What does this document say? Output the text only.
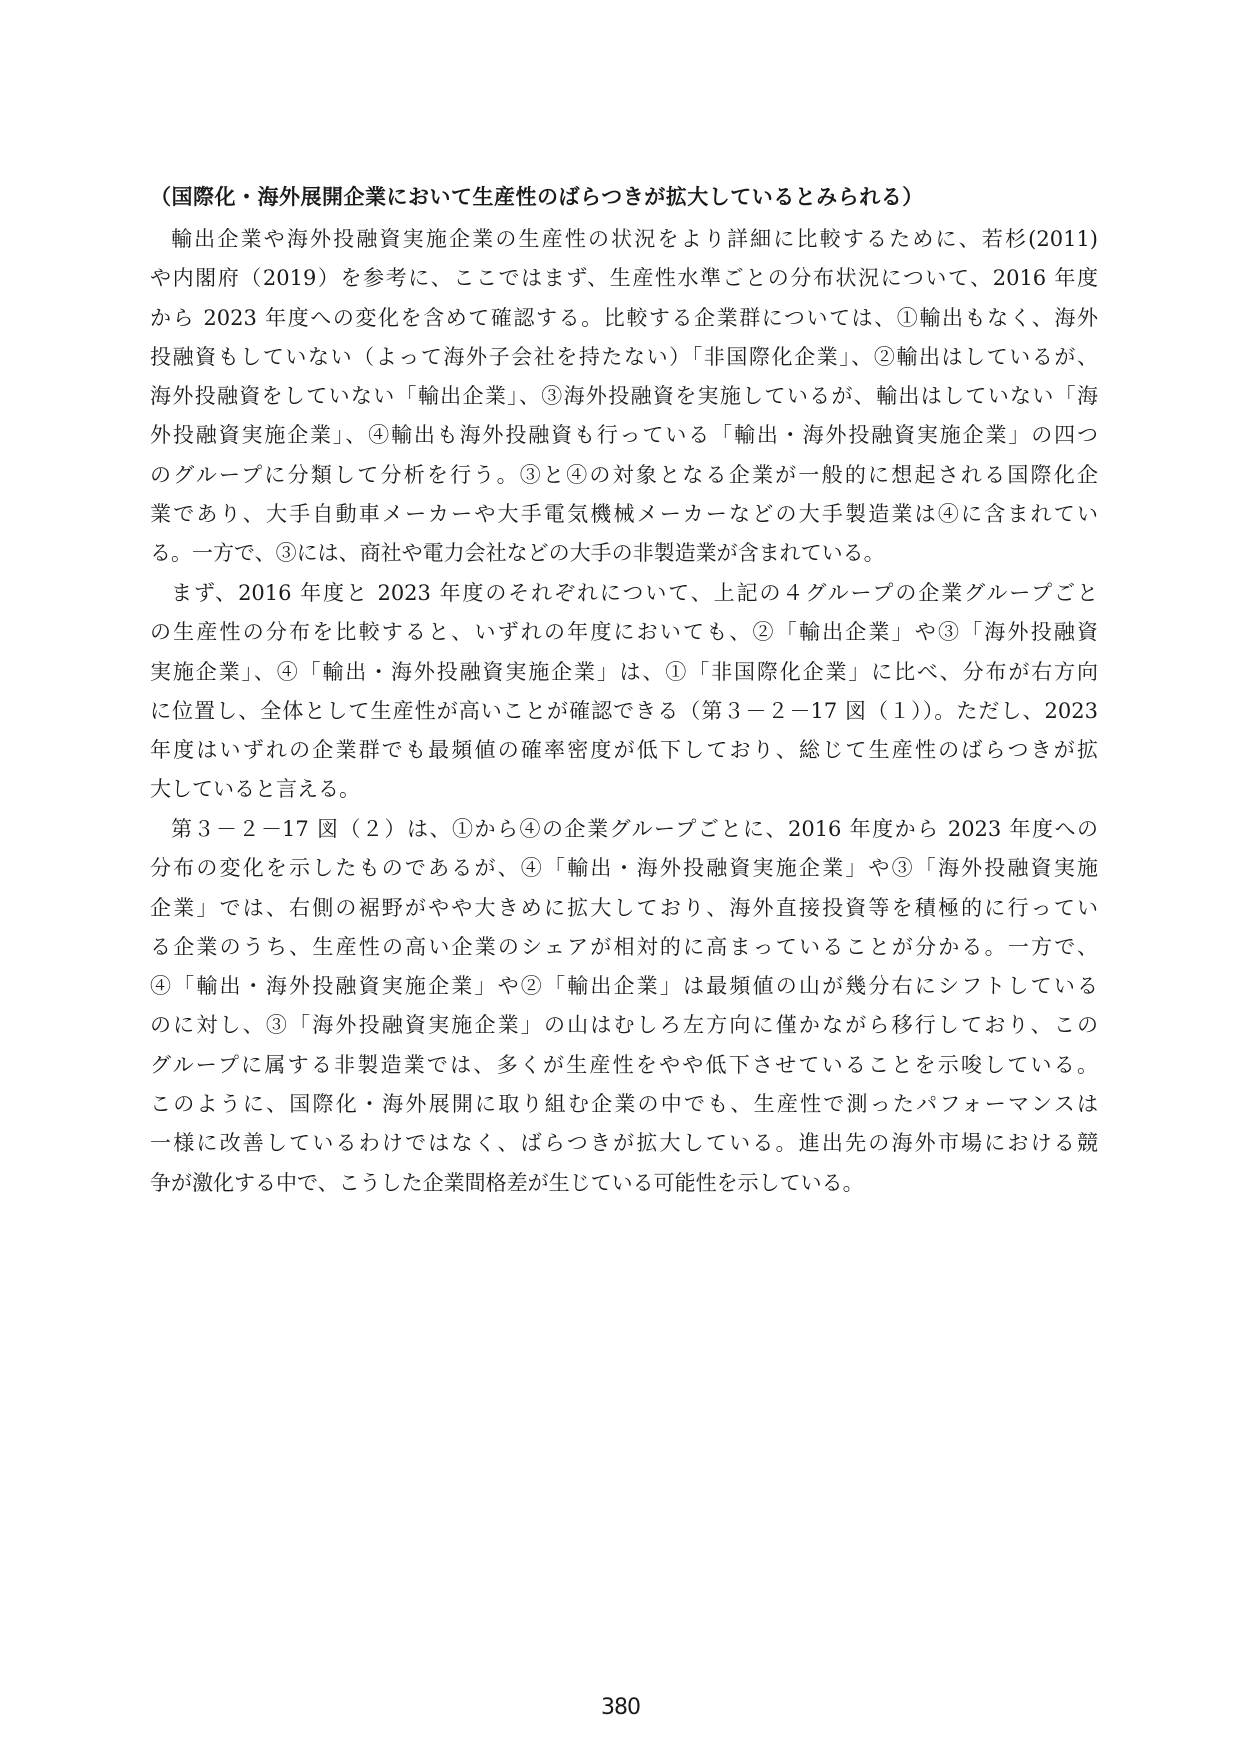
（国際化・海外展開企業において生産性のばらつきが拡大しているとみられる）
輸出企業や海外投融資実施企業の生産性の状況をより詳細に比較するために、若杉(2011)
や内閣府（2019）を参考に、ここではまず、生産性水準ごとの分布状況について、2016 年度
から 2023 年度への変化を含めて確認する。比較する企業群については、①輸出もなく、海外
投融資もしていない（よって海外子会社を持たない）「非国際化企業」、②輸出はしているが、
海外投融資をしていない「輸出企業」、③海外投融資を実施しているが、輸出はしていない「海
外投融資実施企業」、④輸出も海外投融資も行っている「輸出・海外投融資実施企業」の四つ
のグループに分類して分析を行う。③と④の対象となる企業が一般的に想起される国際化企
業であり、大手自動車メーカーや大手電気機械メーカーなどの大手製造業は④に含まれてい
る。一方で、③には、商社や電力会社などの大手の非製造業が含まれている。
まず、2016 年度と 2023 年度のそれぞれについて、上記の４グループの企業グループごと
の生産性の分布を比較すると、いずれの年度においても、②「輸出企業」や③「海外投融資
実施企業」、④「輸出・海外投融資実施企業」は、①「非国際化企業」に比べ、分布が右方向
に位置し、全体として生産性が高いことが確認できる（第３－２－17 図（１））。ただし、2023
年度はいずれの企業群でも最頻値の確率密度が低下しており、総じて生産性のばらつきが拡
大していると言える。
第３－２－17 図（２）は、①から④の企業グループごとに、2016 年度から 2023 年度への
分布の変化を示したものであるが、④「輸出・海外投融資実施企業」や③「海外投融資実施
企業」では、右側の裾野がやや大きめに拡大しており、海外直接投資等を積極的に行ってい
る企業のうち、生産性の高い企業のシェアが相対的に高まっていることが分かる。一方で、
④「輸出・海外投融資実施企業」や②「輸出企業」は最頻値の山が幾分右にシフトしている
のに対し、③「海外投融資実施企業」の山はむしろ左方向に僅かながら移行しており、この
グループに属する非製造業では、多くが生産性をやや低下させていることを示唆している。
このように、国際化・海外展開に取り組む企業の中でも、生産性で測ったパフォーマンスは
一様に改善しているわけではなく、ばらつきが拡大している。進出先の海外市場における競
争が激化する中で、こうした企業間格差が生じている可能性を示している。
380
